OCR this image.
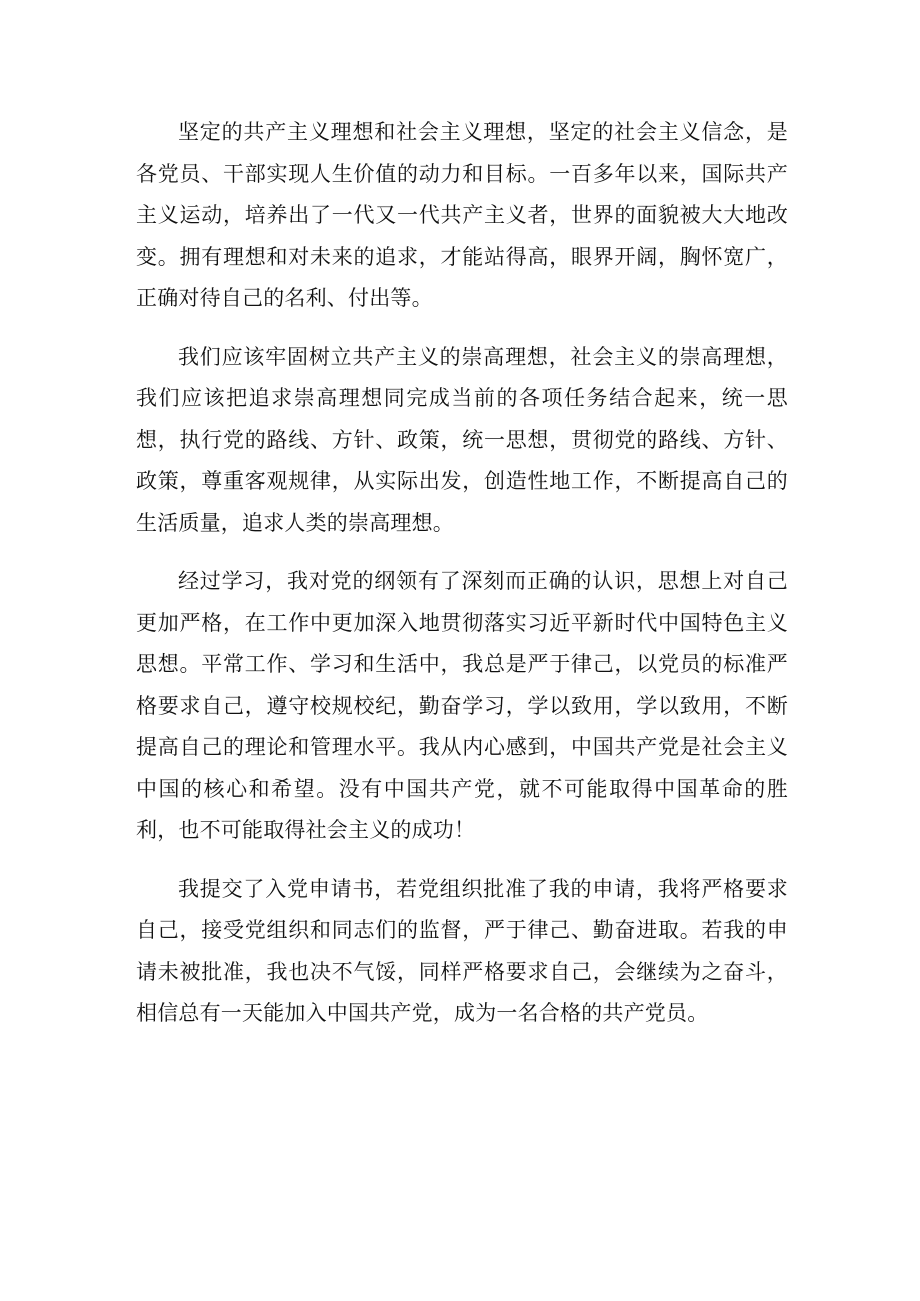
坚定的共产主义理想和社会主义理想，坚定的社会主义信念，是各党员、干部实现人生价值的动力和目标。一百多年以来，国际共产主义运动，培养出了一代又一代共产主义者，世界的面貌被大大地改变。拥有理想和对未来的追求，才能站得高，眼界开阔，胸怀宽广，正确对待自己的名利、付出等。

我们应该牢固树立共产主义的崇高理想，社会主义的崇高理想，我们应该把追求崇高理想同完成当前的各项任务结合起来，统一思想，执行党的路线、方针、政策，统一思想，贯彻党的路线、方针、政策，尊重客观规律，从实际出发，创造性地工作，不断提高自己的生活质量，追求人类的崇高理想。

经过学习，我对党的纲领有了深刻而正确的认识，思想上对自己更加严格，在工作中更加深入地贯彻落实习近平新时代中国特色主义思想。平常工作、学习和生活中，我总是严于律己，以党员的标准严格要求自己，遵守校规校纪，勤奋学习，学以致用，学以致用，不断提高自己的理论和管理水平。我从内心感到，中国共产党是社会主义中国的核心和希望。没有中国共产党，就不可能取得中国革命的胜利，也不可能取得社会主义的成功！

我提交了入党申请书，若党组织批准了我的申请，我将严格要求自己，接受党组织和同志们的监督，严于律己、勤奋进取。若我的申请未被批准，我也决不气馁，同样严格要求自己，会继续为之奋斗，相信总有一天能加入中国共产党，成为一名合格的共产党员。
